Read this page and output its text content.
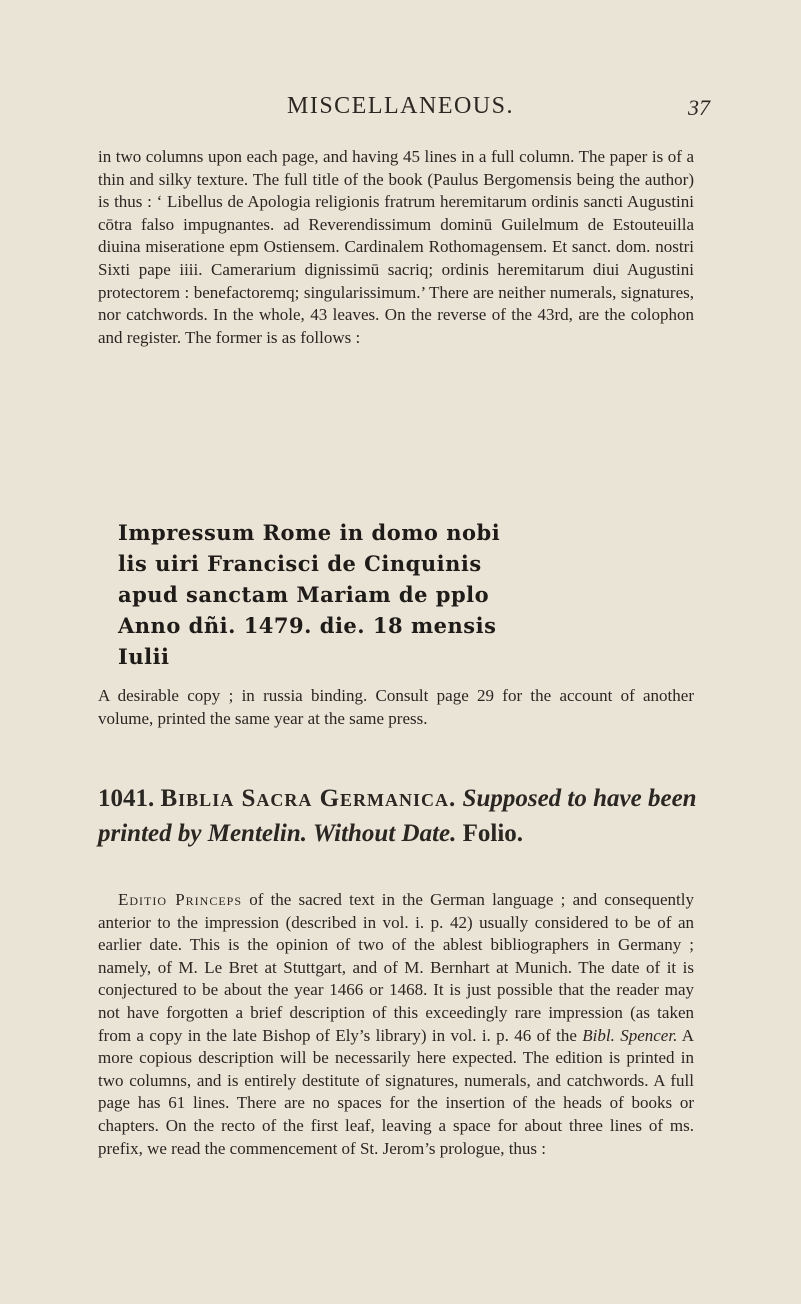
MISCELLANEOUS.	37

in two columns upon each page, and having 45 lines in a full column. The paper is of a thin and silky texture. The full title of the book (Paulus Bergomensis being the author) is thus : ‘ Libellus de Apologia religionis fratrum heremitarum ordinis sancti Augustini cōtra falso impugnantes. ad Reverendissimum dominū Guilelmum de Estouteuilla diuina miseratione epm Ostiensem. Cardinalem Rothomagensem. Et sanct. dom. nostri Sixti pape iiii. Camerarium dignissimū sacriq; ordinis heremitarum diui Augustini protectorem : benefactoremq; singularissimum.’ There are neither numerals, signatures, nor catchwords. In the whole, 43 leaves. On the reverse of the 43rd, are the colophon and register. The former is as follows :

Impressum Rome in domo nobi
lis uiri Francisci de Cinquinis
apud sanctam Mariam de pplo
Anno dñi. 1479. die. 18 mensis
Iulii

A desirable copy ; in russia binding. Consult page 29 for the account of another volume, printed the same year at the same press.

1041. Biblia Sacra Germanica. Supposed to have been printed by Mentelin. Without Date. Folio.

Editio Princeps of the sacred text in the German language ; and consequently anterior to the impression (described in vol. i. p. 42) usually considered to be of an earlier date. This is the opinion of two of the ablest bibliographers in Germany ; namely, of M. Le Bret at Stuttgart, and of M. Bernhart at Munich. The date of it is conjectured to be about the year 1466 or 1468. It is just possible that the reader may not have forgotten a brief description of this exceedingly rare impression (as taken from a copy in the late Bishop of Ely’s library) in vol. i. p. 46 of the Bibl. Spencer. A more copious description will be necessarily here expected. The edition is printed in two columns, and is entirely destitute of signatures, numerals, and catchwords. A full page has 61 lines. There are no spaces for the insertion of the heads of books or chapters. On the recto of the first leaf, leaving a space for about three lines of ms. prefix, we read the commencement of St. Jerom’s prologue, thus :
